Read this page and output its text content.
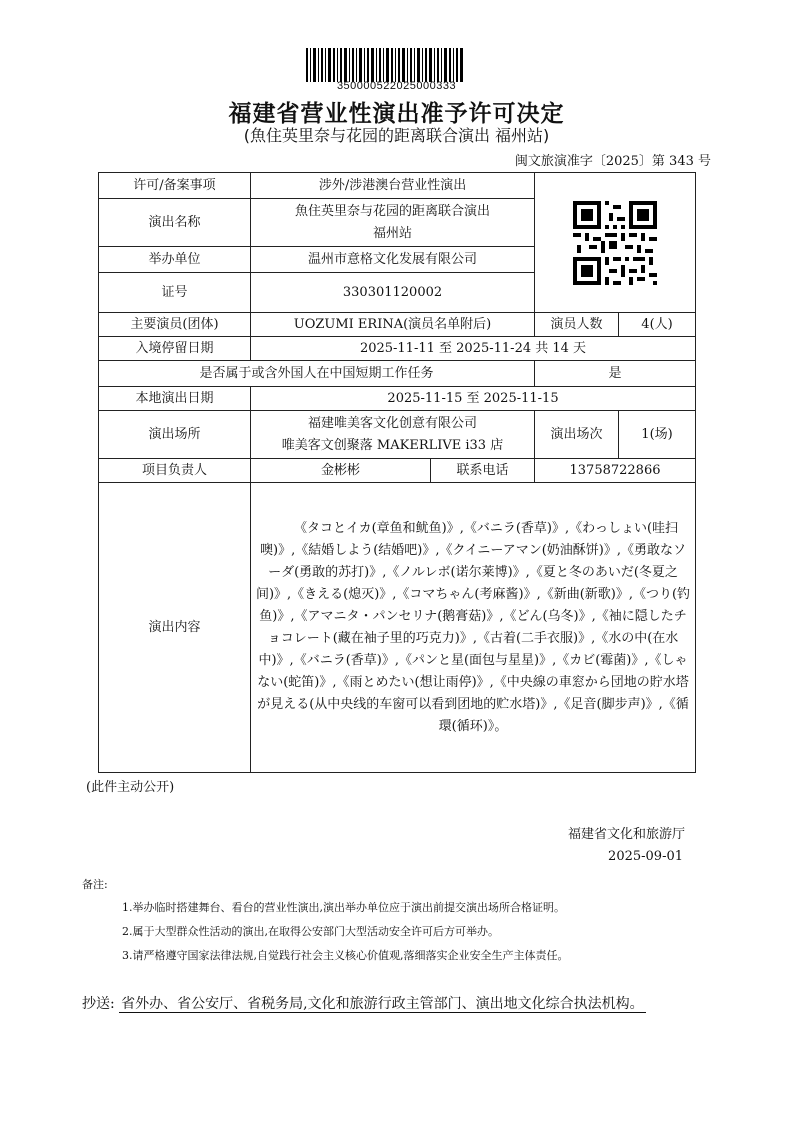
350000522025000333
福建省营业性演出准予许可决定
(魚住英里奈与花园的距离联合演出 福州站)
闽文旅演准字〔2025〕第 343 号
许可/备案事项	涉外/涉港澳台营业性演出	

演出名称	魚住英里奈与花园的距离联合演出
福州站			

举办单位	温州市意格文化发展有限公司			
证号	330301120002			
主要演员(团体)	UOZUMI ERINA(演员名单附后)		演员人数	4(人)
入境停留日期	2025-11-11 至 2025-11-24 共 14 天			
是否属于或含外国人在中国短期工作任务			是	
本地演出日期	2025-11-15 至 2025-11-15			
演出场所	福建唯美客文化创意有限公司
唯美客文创聚落 MAKERLIVE i33 店		演出场次	1(场)
项目负责人	金彬彬	联系电话	13758722866	
演出内容	《タコとイカ(章鱼和鱿鱼)》,《バニラ(香草)》,《わっしょい(哇扫噢)》,《結婚しよう(结婚吧)》,《クイニーアマン(奶油酥饼)》,《勇敢なソーダ(勇敢的苏打)》,《ノルレボ(诺尔莱博)》,《夏と冬のあいだ(冬夏之间)》,《きえる(熄灭)》,《コマちゃん(考麻酱)》,《新曲(新歌)》,《つり(钓鱼)》,《アマニタ・パンセリナ(鹅膏菇)》,《どん(乌冬)》,《袖に隠したチョコレート(藏在袖子里的巧克力)》,《古着(二手衣服)》,《水の中(在水中)》,《バニラ(香草)》,《パンと星(面包与星星)》,《カビ(霉菌)》,《しゃない(蛇笛)》,《雨とめたい(想让雨停)》,《中央線の車窓から団地の貯水塔が見える(从中央线的车窗可以看到团地的贮水塔)》,《足音(脚步声)》,《循環(循环)》。			
(此件主动公开)
福建省文化和旅游厅
2025-09-01
备注:
1.举办临时搭建舞台、看台的营业性演出,演出举办单位应于演出前提交演出场所合格证明。
2.属于大型群众性活动的演出,在取得公安部门大型活动安全许可后方可举办。
3.请严格遵守国家法律法规,自觉践行社会主义核心价值观,落细落实企业安全生产主体责任。
抄送: 省外办、省公安厅、省税务局,文化和旅游行政主管部门、演出地文化综合执法机构。
